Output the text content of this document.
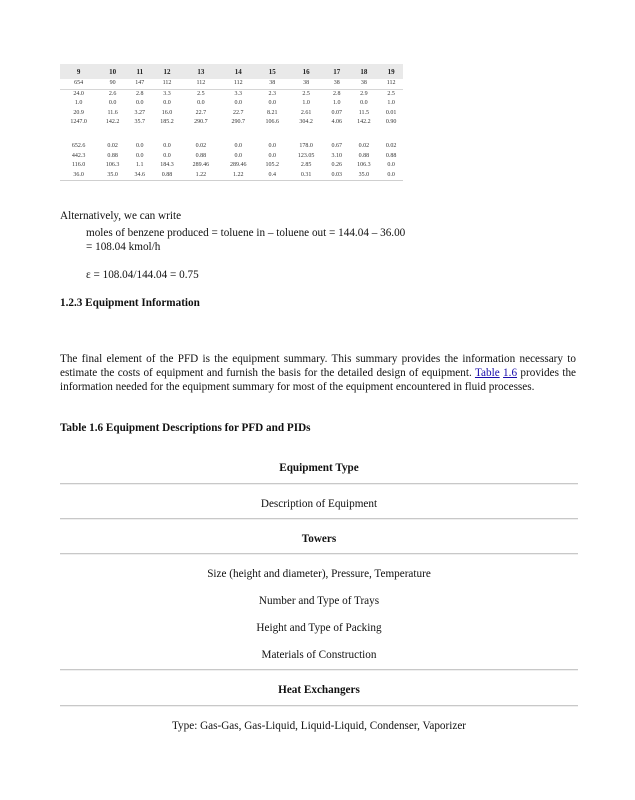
9	10	11	12	13	14	15	16	17	18	19
654	90	147	112	112	112	38	38	38	38	112

24.0	2.6	2.8	3.3	2.5	3.3	2.3	2.5	2.8	2.9	2.5
1.0	0.0	0.0	0.0	0.0	0.0	0.0	1.0	1.0	0.0	1.0
20.9	11.6	3.27	16.0	22.7	22.7	8.21	2.61	0.07	11.5	0.01
1247.0	142.2	35.7	185.2	290.7	290.7	106.6	304.2	4.06	142.2	0.90

652.6	0.02	0.0	0.0	0.02	0.0	0.0	178.0	0.67	0.02	0.02
442.3	0.88	0.0	0.0	0.88	0.0	0.0	123.05	3.10	0.88	0.88
116.0	106.3	1.1	184.3	289.46	289.46	105.2	2.85	0.26	106.3	0.0
36.0	35.0	34.6	0.88	1.22	1.22	0.4	0.31	0.03	35.0	0.0
Alternatively, we can write
moles of benzene produced = toluene in – toluene out = 144.04 – 36.00
= 108.04 kmol/h
ε = 108.04/144.04 = 0.75
1.2.3 Equipment Information
The final element of the PFD is the equipment summary. This summary provides the information necessary to estimate the costs of equipment and furnish the basis for the detailed design of equipment. Table 1.6 provides the information needed for the equipment summary for most of the equipment encountered in fluid processes.
Table 1.6 Equipment Descriptions for PFD and PIDs
Equipment Type
Description of Equipment
Towers
Size (height and diameter), Pressure, Temperature
Number and Type of Trays
Height and Type of Packing
Materials of Construction
Heat Exchangers
Type: Gas-Gas, Gas-Liquid, Liquid-Liquid, Condenser, Vaporizer
